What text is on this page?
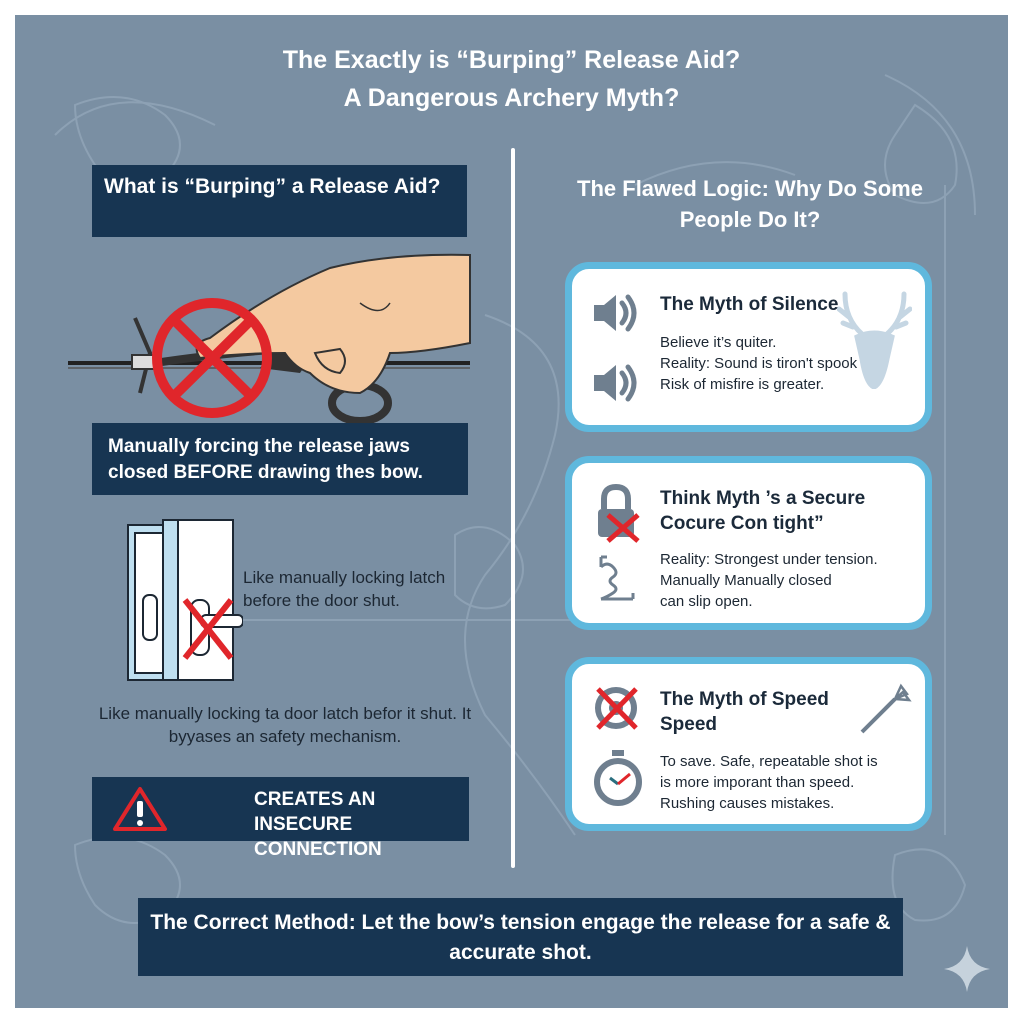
The Exactly is “Burping” Release Aid?
A Dangerous Archery Myth?
What is “Burping” a Release Aid?
Manually forcing the release jaws closed BEFORE drawing thes bow.
Like manually locking latch before the door shut.
Like manually locking ta door latch befor it shut. It byyases an safety mechanism.
CREATES AN INSECURE CONNECTION
The Flawed Logic: Why Do Some People Do It?
The Myth of Silence
Believe it’s quiter.
Reality: Sound is tiron't spook
Risk of misfire is greater.
Think Myth ’s a Secure
Cocure Con tight”
Reality: Strongest under tension.
Manually Manually closed
can slip open.
The Myth of Speed
Speed
To save. Safe, repeatable shot is
is more imporant than speed.
Rushing causes mistakes.
The Correct Method: Let the bow’s tension engage the release for a safe & accurate shot.
